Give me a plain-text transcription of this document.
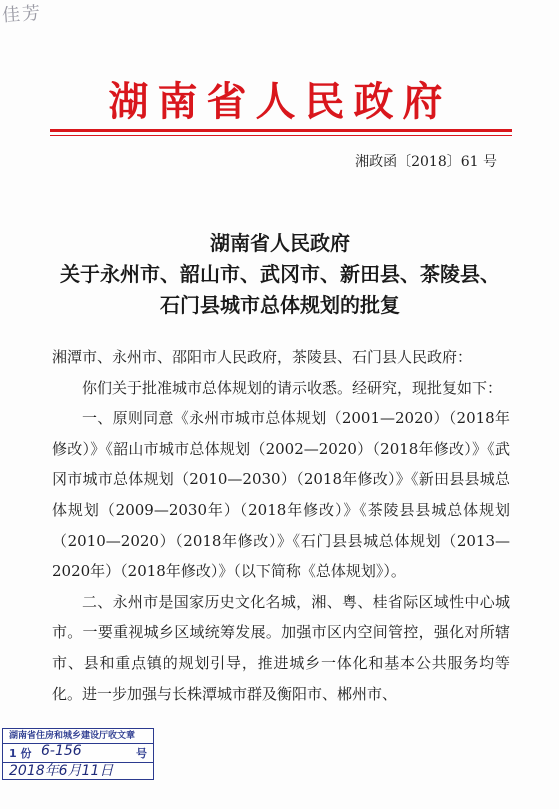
佳芳
湖南省人民政府
湘政函〔2018〕61 号
湖南省人民政府
关于永州市、韶山市、武冈市、新田县、茶陵县、
石门县城市总体规划的批复

湘潭市、永州市、邵阳市人民政府，茶陵县、石门县人民政府：

你们关于批准城市总体规划的请示收悉。经研究，现批复如下：

一、原则同意《永州市城市总体规划（2001—2020）（2018年修改）》《韶山市城市总体规划（2002—2020）（2018年修改）》《武冈市城市总体规划（2010—2030）（2018年修改）》《新田县县城总体规划（2009—2030年）（2018年修改）》《茶陵县县城总体规划（2010—2020）（2018年修改）》《石门县县城总体规划（2013—2020年）（2018年修改）》（以下简称《总体规划》）。

二、永州市是国家历史文化名城，湘、粤、桂省际区域性中心城市。一要重视城乡区域统筹发展。加强市区内空间管控，强化对所辖市、县和重点镇的规划引导，推进城乡一体化和基本公共服务均等化。进一步加强与长株潭城市群及衡阳市、郴州市、

湖南省住房和城乡建设厅收文章
1 份 6-156	号
2018年6月11日
